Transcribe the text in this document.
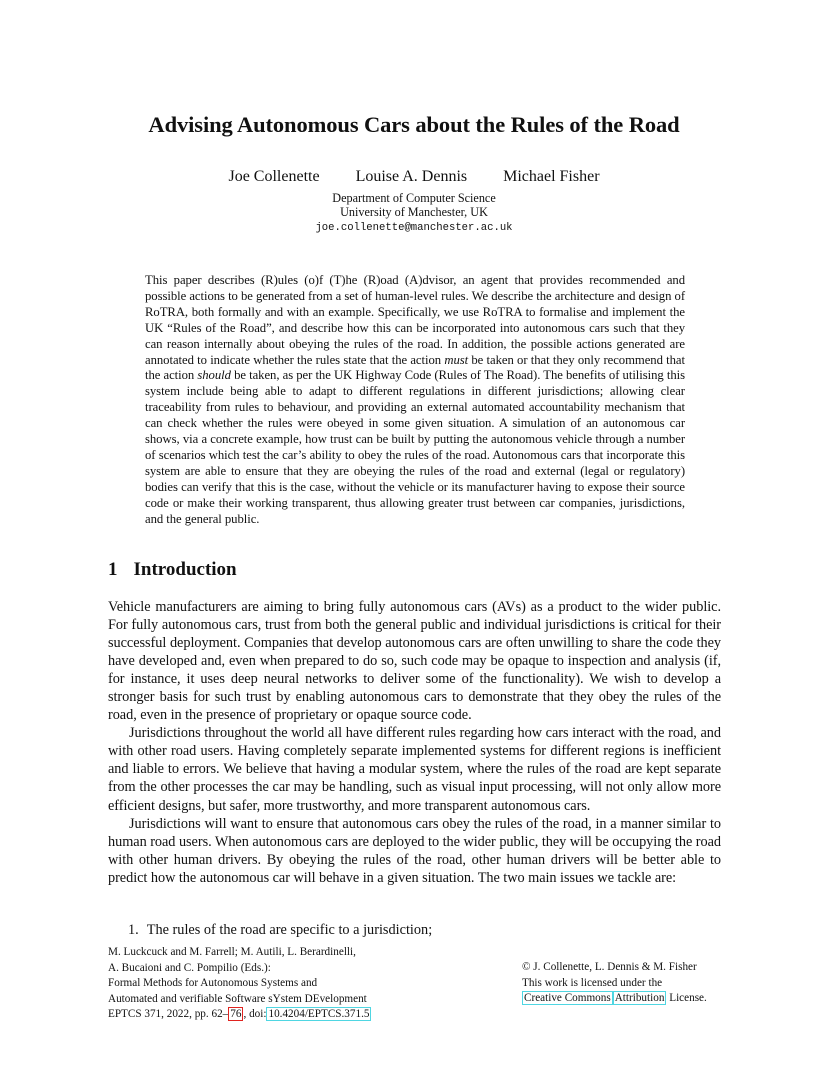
Advising Autonomous Cars about the Rules of the Road
Joe Collenette Louise A. Dennis Michael Fisher
Department of Computer Science
University of Manchester, UK
joe.collenette@manchester.ac.uk
This paper describes (R)ules (o)f (T)he (R)oad (A)dvisor, an agent that provides recommended and possible actions to be generated from a set of human-level rules. We describe the architecture and design of RoTRA, both formally and with an example. Specifically, we use RoTRA to formalise and implement the UK “Rules of the Road”, and describe how this can be incorporated into autonomous cars such that they can reason internally about obeying the rules of the road. In addition, the possible actions generated are annotated to indicate whether the rules state that the action must be taken or that they only recommend that the action should be taken, as per the UK Highway Code (Rules of The Road). The benefits of utilising this system include being able to adapt to different regulations in different jurisdictions; allowing clear traceability from rules to behaviour, and providing an external automated accountability mechanism that can check whether the rules were obeyed in some given situation. A simulation of an autonomous car shows, via a concrete example, how trust can be built by putting the autonomous vehicle through a number of scenarios which test the car’s ability to obey the rules of the road. Autonomous cars that incorporate this system are able to ensure that they are obeying the rules of the road and external (legal or regulatory) bodies can verify that this is the case, without the vehicle or its manufacturer having to expose their source code or make their working transparent, thus allowing greater trust between car companies, jurisdictions, and the general public.
1 Introduction

Vehicle manufacturers are aiming to bring fully autonomous cars (AVs) as a product to the wider public. For fully autonomous cars, trust from both the general public and individual jurisdictions is critical for their successful deployment. Companies that develop autonomous cars are often unwilling to share the code they have developed and, even when prepared to do so, such code may be opaque to inspection and analysis (if, for instance, it uses deep neural networks to deliver some of the functionality). We wish to develop a stronger basis for such trust by enabling autonomous cars to demonstrate that they obey the rules of the road, even in the presence of proprietary or opaque source code.

Jurisdictions throughout the world all have different rules regarding how cars interact with the road, and with other road users. Having completely separate implemented systems for different regions is inefficient and liable to errors. We believe that having a modular system, where the rules of the road are kept separate from the other processes the car may be handling, such as visual input processing, will not only allow more efficient designs, but safer, more trustworthy, and more transparent autonomous cars.

Jurisdictions will want to ensure that autonomous cars obey the rules of the road, in a manner similar to human road users. When autonomous cars are deployed to the wider public, they will be occupying the road with other human drivers. By obeying the rules of the road, other human drivers will be better able to predict how the autonomous car will behave in a given situation. The two main issues we tackle are:

1. The rules of the road are specific to a jurisdiction;
M. Luckcuck and M. Farrell; M. Autili, L. Berardinelli,
A. Bucaioni and C. Pompilio (Eds.):
Formal Methods for Autonomous Systems and
Automated and verifiable Software sYstem DEvelopment
EPTCS 371, 2022, pp. 62– 76 , doi: 10.4204/EPTCS.371.5
© J. Collenette, L. Dennis & M. Fisher
This work is licensed under the
Creative Commons Attribution License.
